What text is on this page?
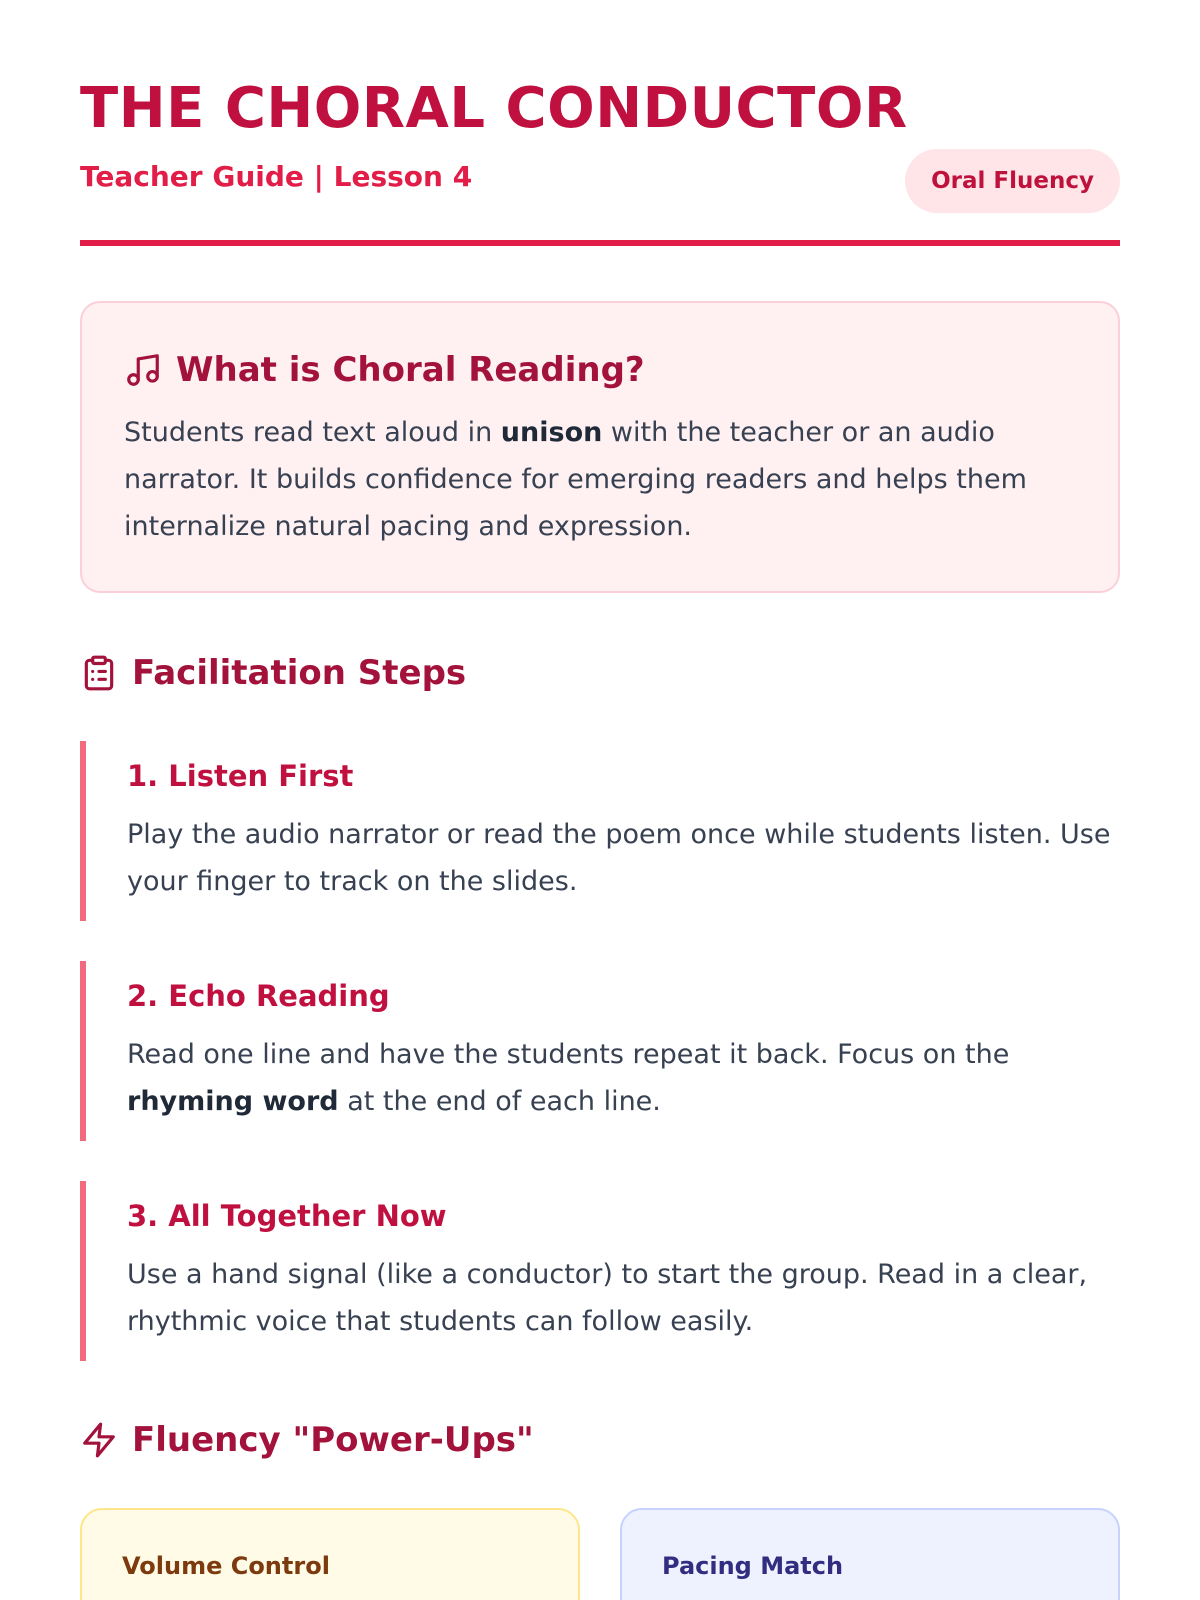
THE CHORAL CONDUCTOR
Teacher Guide | Lesson 4	Oral Fluency
What is Choral Reading?

Students read text aloud in unison with the teacher or an audio narrator. It builds confidence for emerging readers and helps them internalize natural pacing and expression.

Facilitation Steps
1. Listen First

Play the audio narrator or read the poem once while students listen. Use your finger to track on the slides.

2. Echo Reading

Read one line and have the students repeat it back. Focus on the rhyming word at the end of each line.

3. All Together Now

Use a hand signal (like a conductor) to start the group. Read in a clear, rhythmic voice that students can follow easily.

Fluency "Power-Ups"
Volume Control	Pacing Match
